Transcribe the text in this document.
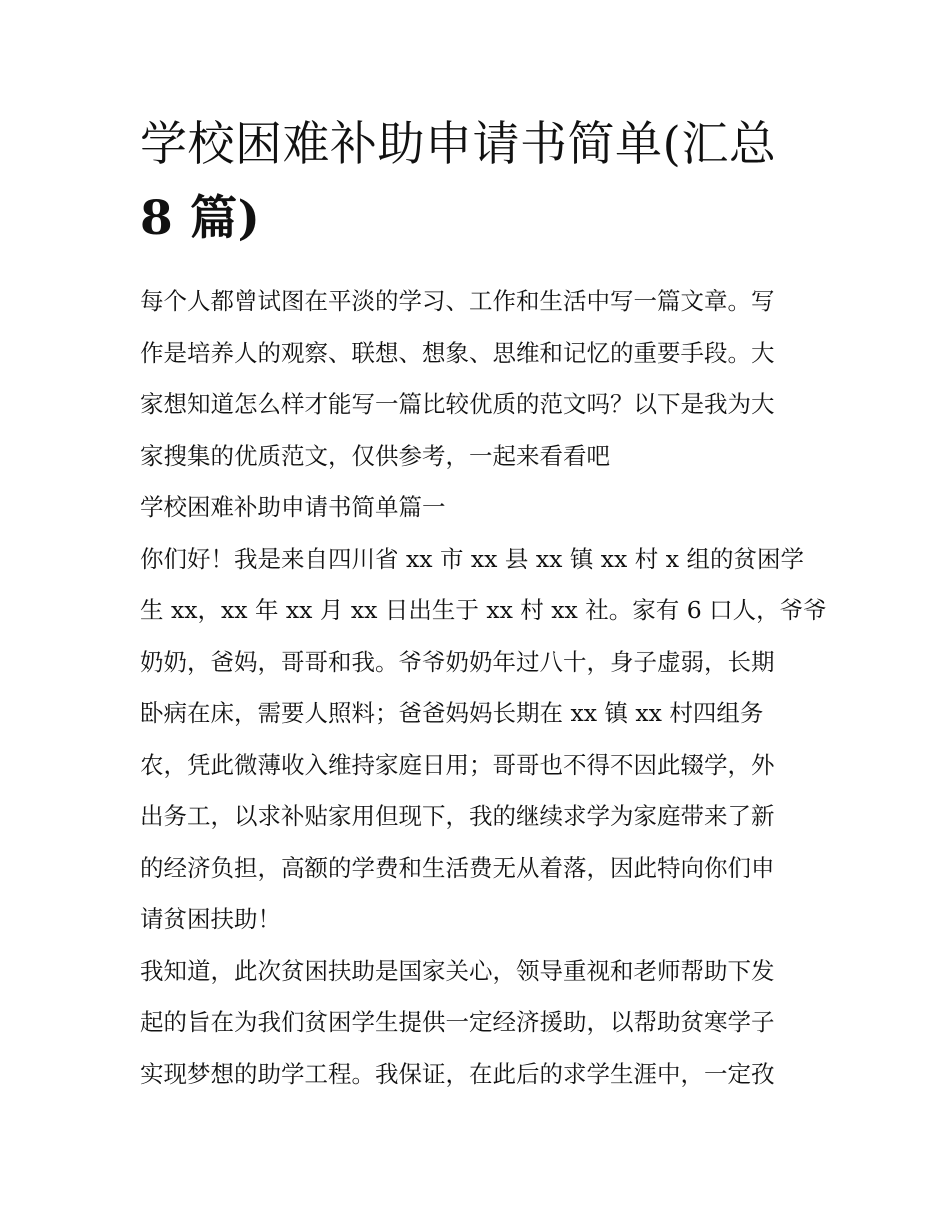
学校困难补助申请书简单(汇总
8 篇)

每个人都曾试图在平淡的学习、工作和生活中写一篇文章。写
作是培养人的观察、联想、想象、思维和记忆的重要手段。大
家想知道怎么样才能写一篇比较优质的范文吗？以下是我为大
家搜集的优质范文，仅供参考，一起来看看吧

学校困难补助申请书简单篇一

你们好！我是来自四川省 xx 市 xx 县 xx 镇 xx 村 x 组的贫困学
生 xx，xx 年 xx 月 xx 日出生于 xx 村 xx 社。家有 6 口人，爷爷
奶奶，爸妈，哥哥和我。爷爷奶奶年过八十，身子虚弱，长期
卧病在床，需要人照料；爸爸妈妈长期在 xx 镇 xx 村四组务
农，凭此微薄收入维持家庭日用；哥哥也不得不因此辍学，外
出务工，以求补贴家用但现下，我的继续求学为家庭带来了新
的经济负担，高额的学费和生活费无从着落，因此特向你们申
请贫困扶助！

我知道，此次贫困扶助是国家关心，领导重视和老师帮助下发
起的旨在为我们贫困学生提供一定经济援助，以帮助贫寒学子
实现梦想的助学工程。我保证，在此后的求学生涯中，一定孜
